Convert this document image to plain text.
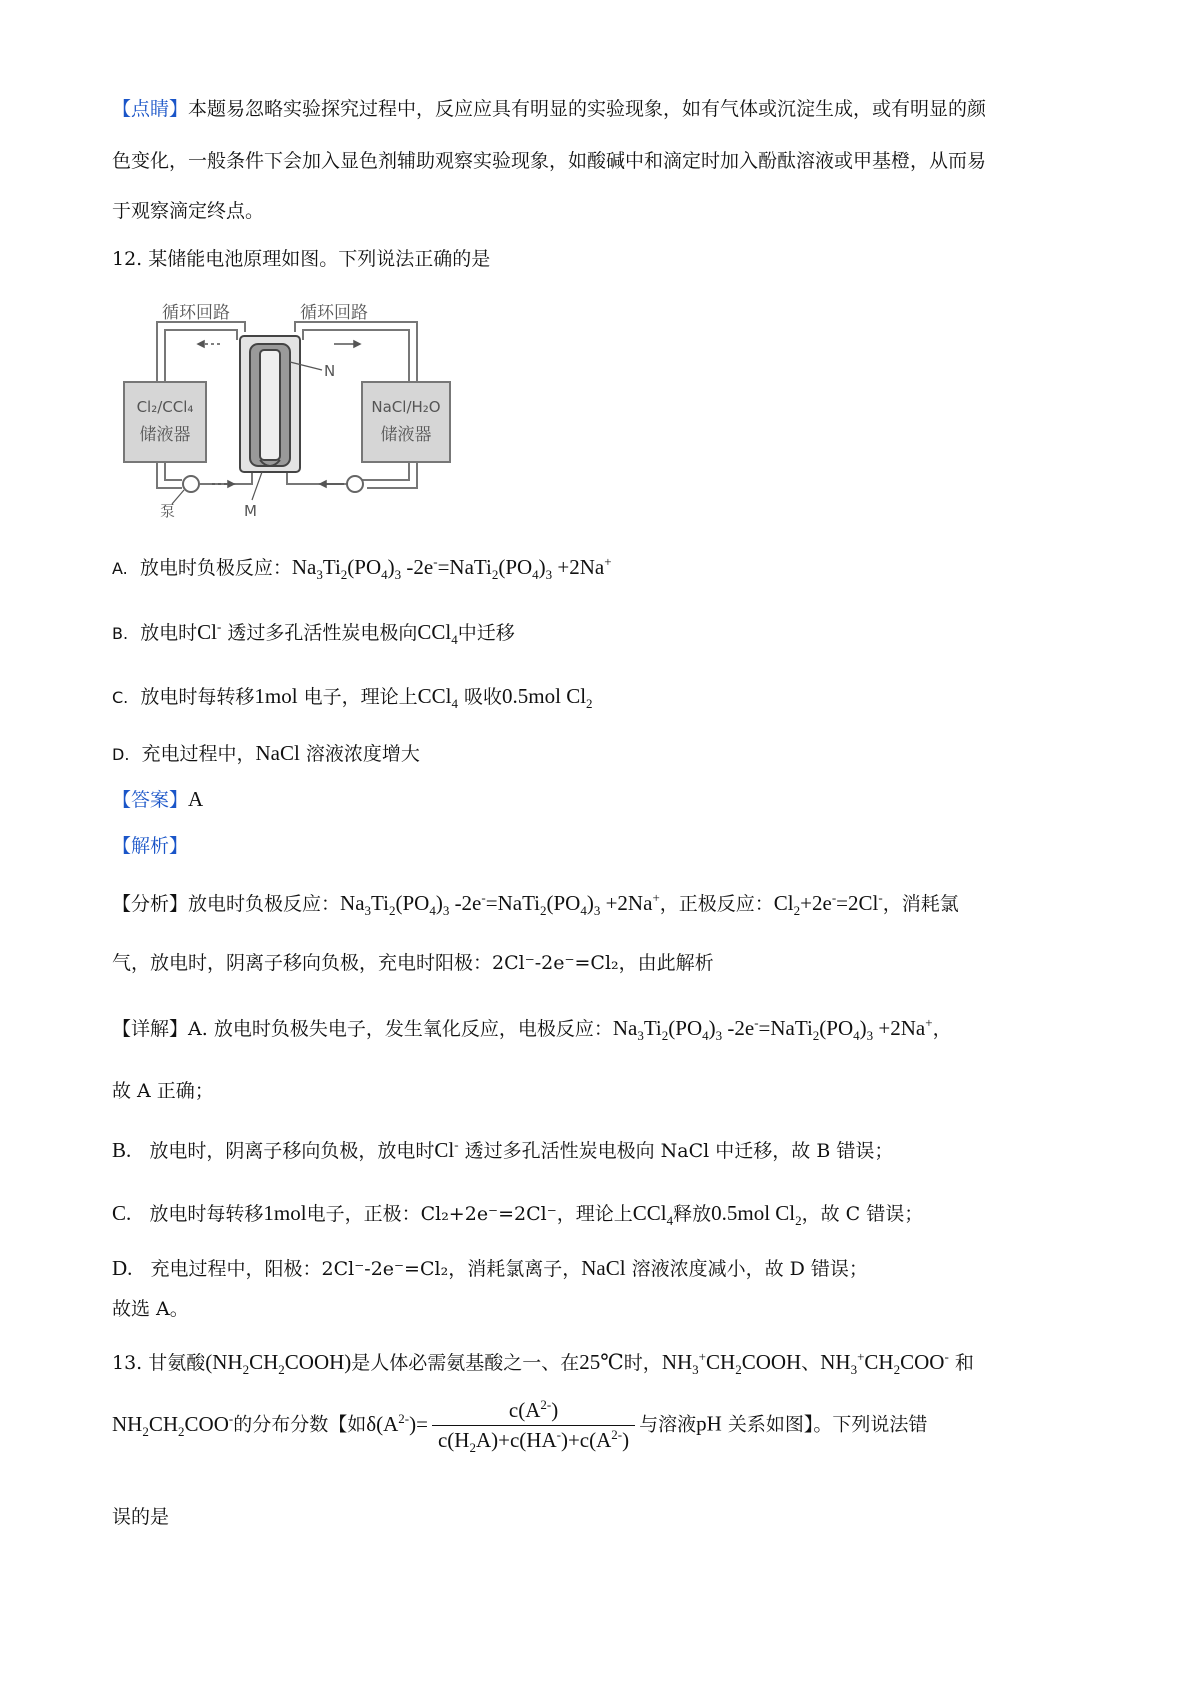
【点睛】本题易忽略实验探究过程中，反应应具有明显的实验现象，如有气体或沉淀生成，或有明显的颜
色变化，一般条件下会加入显色剂辅助观察实验现象，如酸碱中和滴定时加入酚酞溶液或甲基橙，从而易
于观察滴定终点。
12. 某储能电池原理如图。下列说法正确的是
循环回路	循环回路
Cl₂/CCl₄
储液器
NaCl/H₂O
储液器
N
M
泵
A. 放电时负极反应：$Na_3Ti_2(PO_4)_3$ $-2e^-=NaTi_2(PO_4)_3 +2Na^+$
B. 放电时Cl- 透过多孔活性炭电极向CCl$_4$中迁移
C. 放电时每转移1mol 电子，理论上CCl$_4$ 吸收0.5mol $Cl_2$
D. 充电过程中，NaCl 溶液浓度增大
【答案】A
【解析】
【分析】放电时负极反应：$Na_3Ti_2(PO_4)_3$ $-2e^-=NaTi_2(PO_4)_3 +2Na^+$，正极反应：$Cl_2+2e^-=2Cl^-$，消耗氯
气，放电时，阴离子移向负极，充电时阳极：2Cl⁻-2e⁻=Cl₂，由此解析
【详解】A. 放电时负极失电子，发生氧化反应，电极反应：$Na_3Ti_2(PO_4)_3$ $-2e^-=NaTi_2(PO_4)_3 +2Na^+$，
故 A 正确；
B. 放电时，阴离子移向负极，放电时Cl- 透过多孔活性炭电极向 NaCl 中迁移，故 B 错误；
C. 放电时每转移1mol电子，正极：Cl₂+2e⁻=2Cl⁻，理论上CCl$_4$释放0.5mol $Cl_2$，故 C 错误；
D. 充电过程中，阳极：2Cl⁻-2e⁻=Cl₂，消耗氯离子，NaCl 溶液浓度减小，故 D 错误；
故选 A。
13. 甘氨酸$(NH_2CH_2COOH)$是人体必需氨基酸之一、在25℃时，$NH_3^+CH_2COOH$、$NH_3^+CH_2COO^-$ 和
$NH_2CH_2COO^-$的分布分数【如$\delta(A^{2-})= \frac{c(A^{2-})}{c(H_2A)+c(HA^-)+c(A^{2-})}$ 与溶液pH 关系如图】。下列说法错
误的是
